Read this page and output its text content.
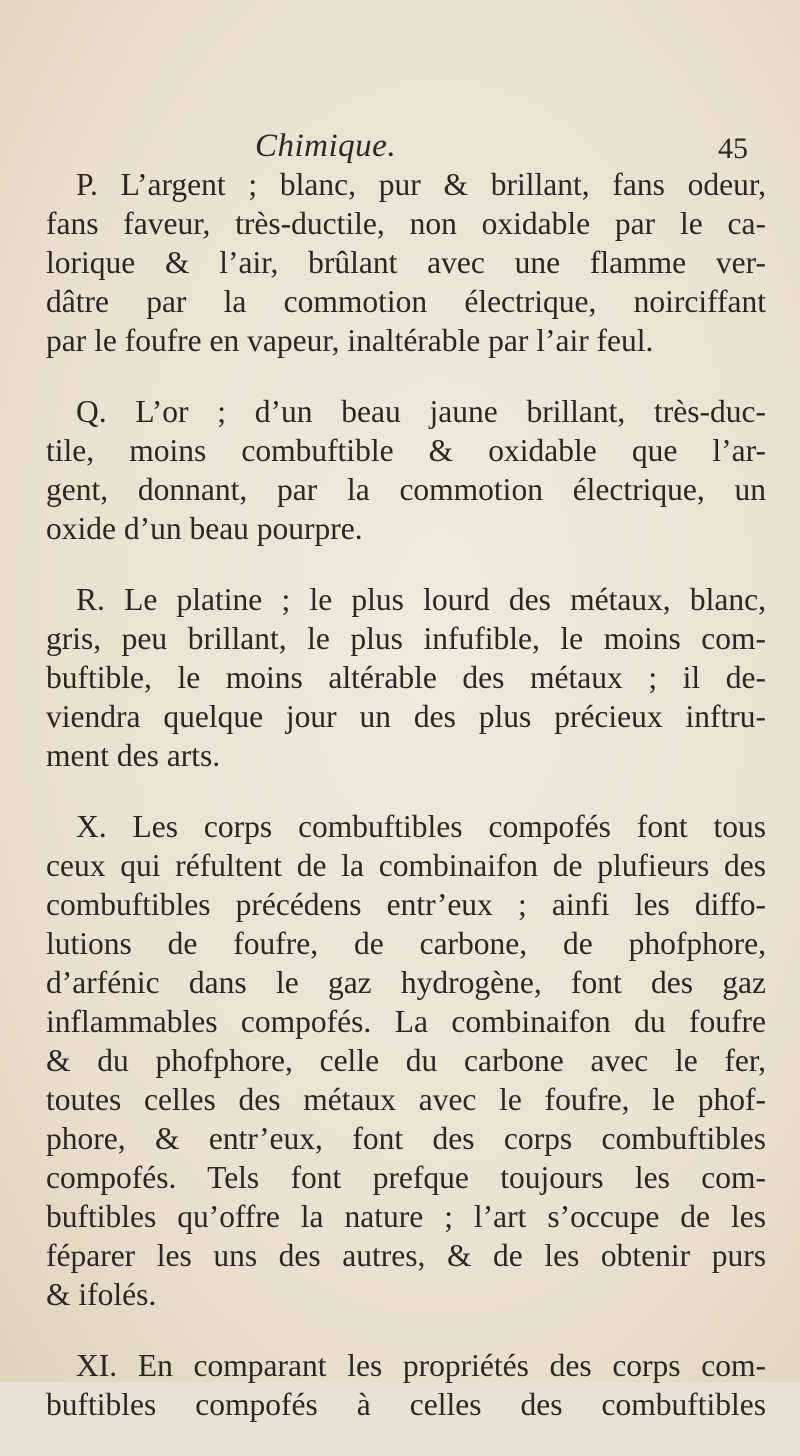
Chimique.	45

P. L’argent ; blanc, pur & brillant, fans odeur,
fans faveur, très-ductile, non oxidable par le ca-
lorique & l’air, brûlant avec une flamme ver-
dâtre par la commotion électrique, noirciffant
par le foufre en vapeur, inaltérable par l’air feul.

Q. L’or ; d’un beau jaune brillant, très-duc-
tile, moins combuftible & oxidable que l’ar-
gent, donnant, par la commotion électrique, un
oxide d’un beau pourpre.

R. Le platine ; le plus lourd des métaux, blanc,
gris, peu brillant, le plus infufible, le moins com-
buftible, le moins altérable des métaux ; il de-
viendra quelque jour un des plus précieux inftru-
ment des arts.

X. Les corps combuftibles compofés font tous
ceux qui réfultent de la combinaifon de plufieurs des
combuftibles précédens entr’eux ; ainfi les diffo-
lutions de foufre, de carbone, de phofphore,
d’arfénic dans le gaz hydrogène, font des gaz
inflammables compofés. La combinaifon du foufre
& du phofphore, celle du carbone avec le fer,
toutes celles des métaux avec le foufre, le phof-
phore, & entr’eux, font des corps combuftibles
compofés. Tels font prefque toujours les com-
buftibles qu’offre la nature ; l’art s’occupe de les
féparer les uns des autres, & de les obtenir purs
& ifolés.

XI. En comparant les propriétés des corps com-
buftibles compofés à celles des combuftibles
